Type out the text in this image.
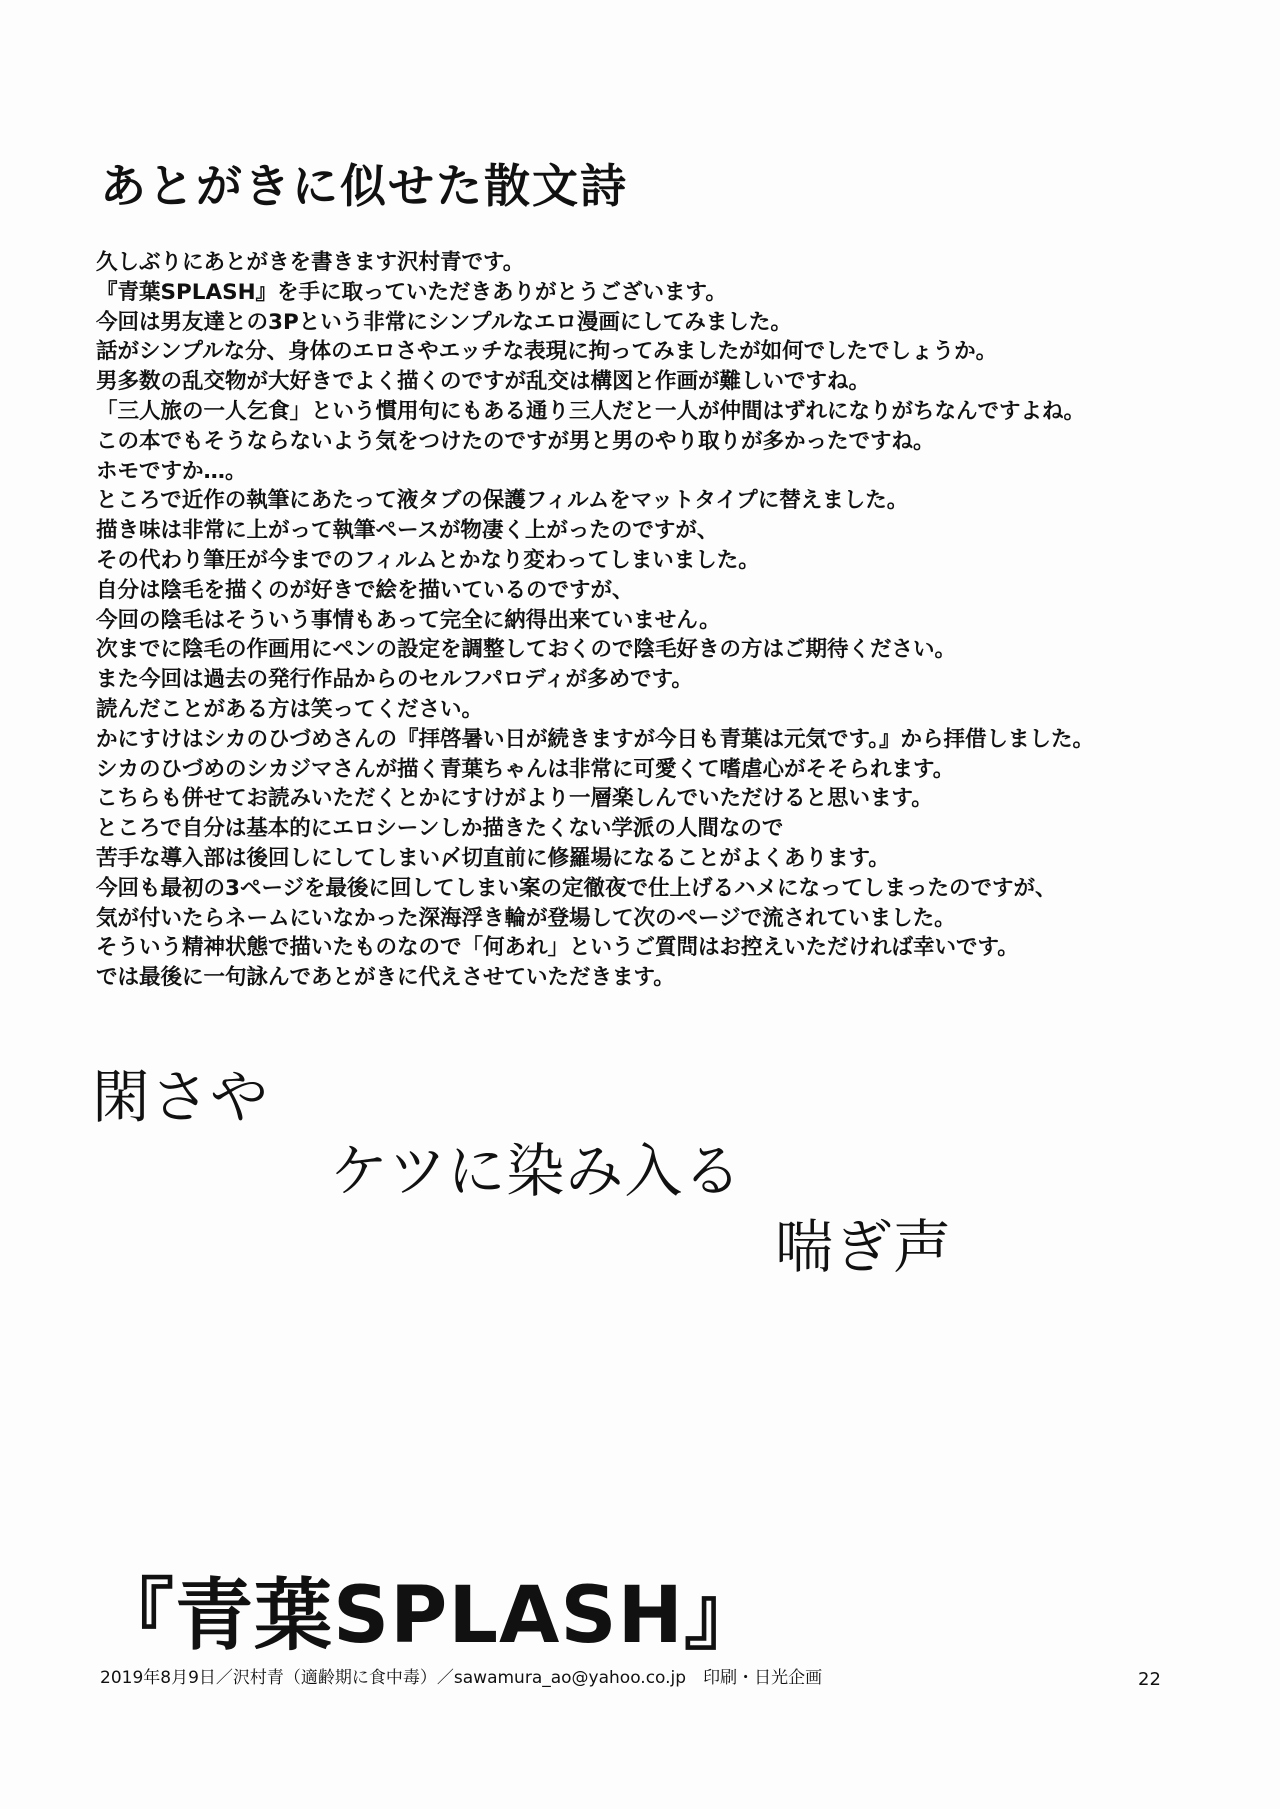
あとがきに似せた散文詩
久しぶりにあとがきを書きます沢村青です。
『青葉SPLASH』を手に取っていただきありがとうございます。
今回は男友達との3Pという非常にシンプルなエロ漫画にしてみました。
話がシンプルな分、身体のエロさやエッチな表現に拘ってみましたが如何でしたでしょうか。
男多数の乱交物が大好きでよく描くのですが乱交は構図と作画が難しいですね。
「三人旅の一人乞食」という慣用句にもある通り三人だと一人が仲間はずれになりがちなんですよね。
この本でもそうならないよう気をつけたのですが男と男のやり取りが多かったですね。
ホモですか…。
ところで近作の執筆にあたって液タブの保護フィルムをマットタイプに替えました。
描き味は非常に上がって執筆ペースが物凄く上がったのですが、
その代わり筆圧が今までのフィルムとかなり変わってしまいました。
自分は陰毛を描くのが好きで絵を描いているのですが、
今回の陰毛はそういう事情もあって完全に納得出来ていません。
次までに陰毛の作画用にペンの設定を調整しておくので陰毛好きの方はご期待ください。
また今回は過去の発行作品からのセルフパロディが多めです。
読んだことがある方は笑ってください。
かにすけはシカのひづめさんの『拝啓暑い日が続きますが今日も青葉は元気です。』から拝借しました。
シカのひづめのシカジマさんが描く青葉ちゃんは非常に可愛くて嗜虐心がそそられます。
こちらも併せてお読みいただくとかにすけがより一層楽しんでいただけると思います。
ところで自分は基本的にエロシーンしか描きたくない学派の人間なので
苦手な導入部は後回しにしてしまい〆切直前に修羅場になることがよくあります。
今回も最初の3ページを最後に回してしまい案の定徹夜で仕上げるハメになってしまったのですが、
気が付いたらネームにいなかった深海浮き輪が登場して次のページで流されていました。
そういう精神状態で描いたものなので「何あれ」というご質問はお控えいただければ幸いです。
では最後に一句詠んであとがきに代えさせていただきます。
閑さや
ケツに染み入る
喘ぎ声
『青葉SPLASH』
2019年8月9日／沢村青（適齢期に食中毒）／sawamura_ao@yahoo.co.jp　印刷・日光企画	22
